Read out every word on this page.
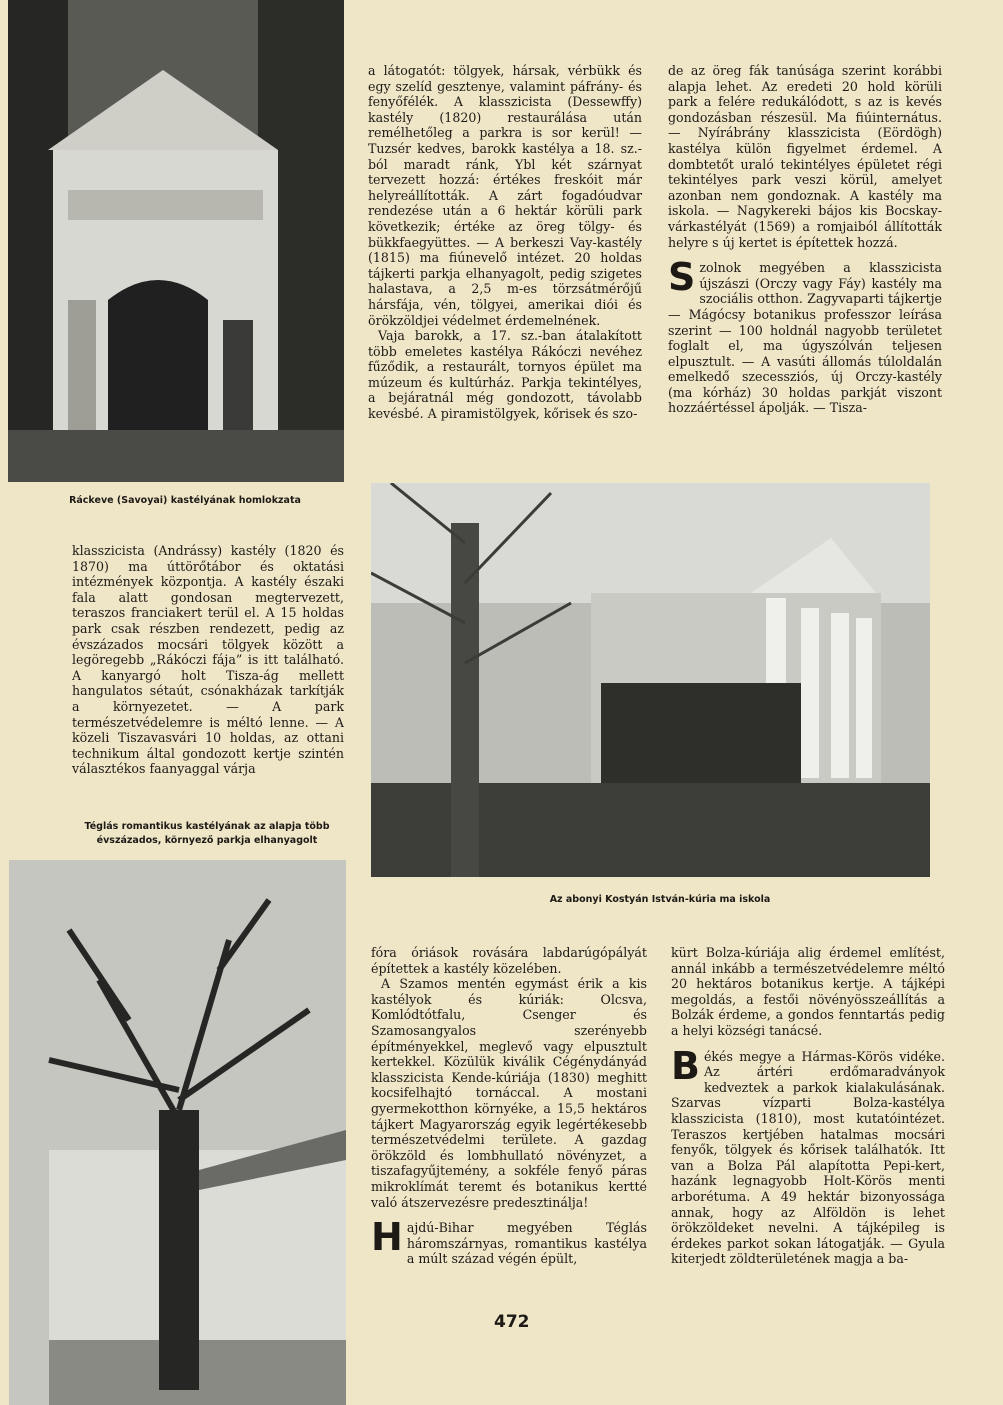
Ráckeve (Savoyai) kastélyának homlokzata

a látogatót: tölgyek, hársak, vérbükk és egy szelíd gesztenye, valamint páfrány- és fenyőfélék. A klasszicista (Dessewffy) kastély (1820) restaurálása után remélhetőleg a parkra is sor kerül! — Tuzsér kedves, barokk kastélya a 18. sz.-ból maradt ránk, Ybl két szárnyat tervezett hozzá: értékes freskóit már helyreállították. A zárt fogadóudvar rendezése után a 6 hektár körüli park következik; értéke az öreg tölgy- és bükkfaegyüttes. — A berkeszi Vay-kastély (1815) ma fiúnevelő intézet. 20 holdas tájkerti parkja elhanyagolt, pedig szigetes halastava, a 2,5 m-es törzsátmérőjű hársfája, vén, tölgyei, amerikai diói és örökzöldjei védelmet érdemelnének.

Vaja barokk, a 17. sz.-ban átalakított több emeletes kastélya Rákóczi nevéhez fűződik, a restaurált, tornyos épület ma múzeum és kultúrház. Parkja tekintélyes, a bejáratnál még gondozott, távolabb kevésbé. A piramistölgyek, kőrisek és szo-

de az öreg fák tanúsága szerint korábbi alapja lehet. Az eredeti 20 hold körüli park a felére redukálódott, s az is kevés gondozásban részesül. Ma fiúinternátus. — Nyírábrány klasszicista (Eördögh) kastélya külön figyelmet érdemel. A dombtetőt uraló tekintélyes épületet régi tekintélyes park veszi körül, amelyet azonban nem gondoznak. A kastély ma iskola. — Nagykereki bájos kis Bocskay-várkastélyát (1569) a romjaiból állították helyre s új kertet is építettek hozzá.

Szolnok megyében a klasszicista újszászi (Orczy vagy Fáy) kastély ma szociális otthon. Zagyvaparti tájkertje — Mágócsy botanikus professzor leírása szerint — 100 holdnál nagyobb területet foglalt el, ma úgyszólván teljesen elpusztult. — A vasúti állomás túloldalán emelkedő szecessziós, új Orczy-kastély (ma kórház) 30 holdas parkját viszont hozzáértéssel ápolják. — Tisza-

klasszicista (Andrássy) kastély (1820 és 1870) ma úttörőtábor és oktatási intézmények központja. A kastély északi fala alatt gondosan megtervezett, teraszos franciakert terül el. A 15 holdas park csak részben rendezett, pedig az évszázados mocsári tölgyek között a legöregebb „Rákóczi fája” is itt található. A kanyargó holt Tisza-ág mellett hangulatos sétaút, csónakházak tarkítják a környezetet. — A park természetvédelemre is méltó lenne. — A közeli Tiszavasvári 10 holdas, az ottani technikum által gondozott kertje szintén választékos faanyaggal várja

Téglás romantikus kastélyának az alapja több évszázados, környező parkja elhanyagolt
Az abonyi Kostyán István-kúria ma iskola

fóra óriások rovására labdarúgópályát építettek a kastély közelében.

A Szamos mentén egymást érik a kis kastélyok és kúriák: Olcsva, Komlódtótfalu, Csenger és Szamosangyalos szerényebb építményekkel, meglevő vagy elpusztult kertekkel. Közülük kiválik Cégénydányád klasszicista Kende-kúriája (1830) meghitt kocsifelhajtó tornáccal. A mostani gyermekotthon környéke, a 15,5 hektáros tájkert Magyarország egyik legértékesebb természetvédelmi területe. A gazdag örökzöld és lombhullató növényzet, a tiszafagyűjtemény, a sokféle fenyő páras mikroklímát teremt és botanikus kertté való átszervezésre predesztinálja!

Hajdú-Bihar megyében Téglás háromszárnyas, romantikus kastélya a múlt század végén épült,

kürt Bolza-kúriája alig érdemel említést, annál inkább a természetvédelemre méltó 20 hektáros botanikus kertje. A tájképi megoldás, a festői növényösszeállítás a Bolzák érdeme, a gondos fenntartás pedig a helyi községi tanácsé.

Békés megye a Hármas-Körös vidéke. Az ártéri erdőmaradványok kedveztek a parkok kialakulásának. Szarvas vízparti Bolza-kastélya klasszicista (1810), most kutatóintézet. Teraszos kertjében hatalmas mocsári fenyők, tölgyek és kőrisek találhatók. Itt van a Bolza Pál alapította Pepi-kert, hazánk legnagyobb Holt-Körös menti arborétuma. A 49 hektár bizonyossága annak, hogy az Alföldön is lehet örökzöldeket nevelni. A tájképileg is érdekes parkot sokan látogatják. — Gyula kiterjedt zöldterületének magja a ba-

472
